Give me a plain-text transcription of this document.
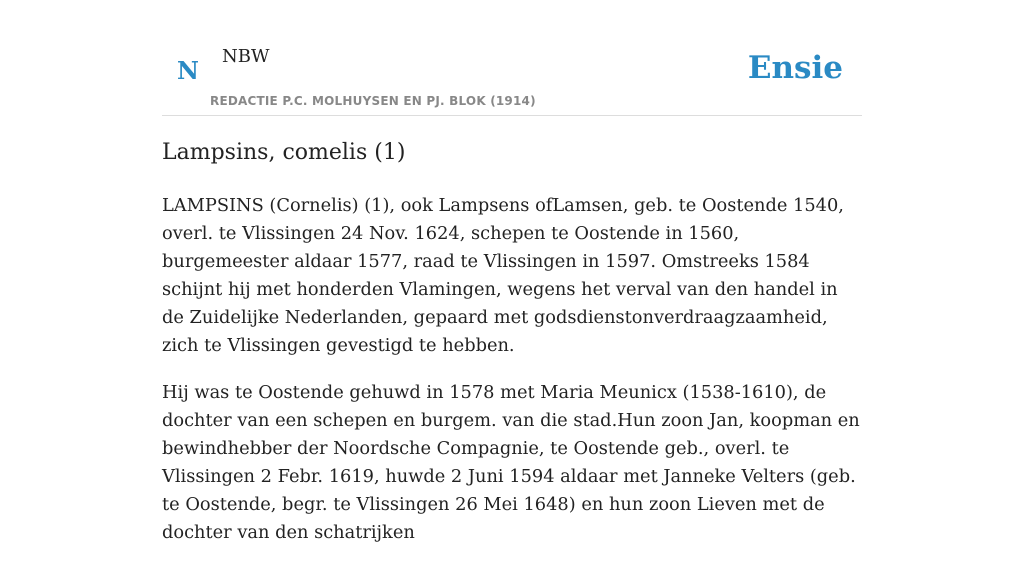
N NBW
REDACTIE P.C. MOLHUYSEN EN PJ. BLOK (1914)
Ensie
Lampsins, comelis (1)

LAMPSINS (Cornelis) (1), ook Lampsens ofLamsen, geb. te Oostende 1540, overl. te Vlissingen 24 Nov. 1624, schepen te Oostende in 1560, burgemeester aldaar 1577, raad te Vlissingen in 1597. Omstreeks 1584 schijnt hij met honderden Vlamingen, wegens het verval van den handel in de Zuidelijke Nederlanden, gepaard met godsdienstonverdraagzaamheid, zich te Vlissingen gevestigd te hebben.

Hij was te Oostende gehuwd in 1578 met Maria Meunicx (1538-1610), de dochter van een schepen en burgem. van die stad.Hun zoon Jan, koopman en bewindhebber der Noordsche Compagnie, te Oostende geb., overl. te Vlissingen 2 Febr. 1619, huwde 2 Juni 1594 aldaar met Janneke Velters (geb. te Oostende, begr. te Vlissingen 26 Mei 1648) en hun zoon Lieven met de dochter van den schatrijken
